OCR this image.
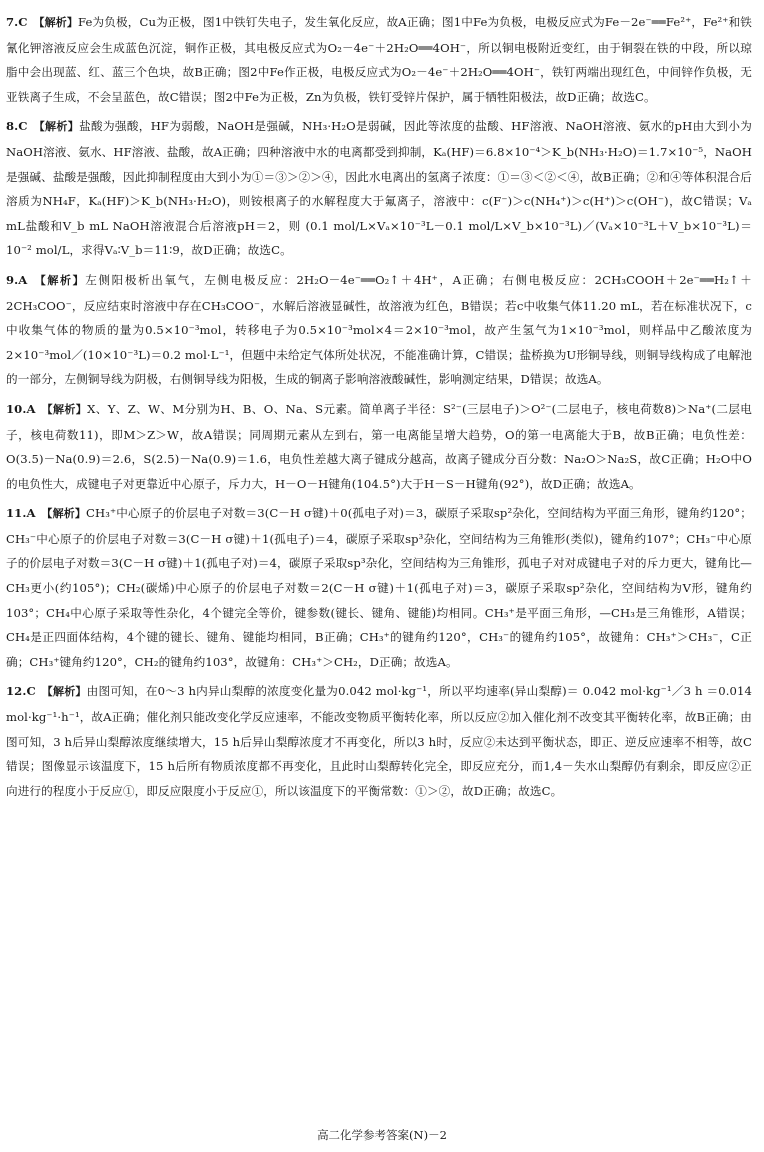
7.C 【解析】Fe为负极，Cu为正极，图1中铁钉失电子，发生氧化反应，故A正确；图1中Fe为负极，电极反应式为Fe－2e⁻══Fe²⁺，Fe²⁺和铁氰化钾溶液反应会生成蓝色沉淀，铜作正极，其电极反应式为O₂－4e⁻＋2H₂O══4OH⁻，所以铜电极附近变红，由于铜裂在铁的中段，所以琼脂中会出现蓝、红、蓝三个色块，故B正确；图2中Fe作正极，电极反应式为O₂－4e⁻＋2H₂O══4OH⁻，铁钉两端出现红色，中间锌作负极，无亚铁离子生成，不会呈蓝色，故C错误；图2中Fe为正极，Zn为负极，铁钉受锌片保护，属于牺牲阳极法，故D正确；故选C。

8.C 【解析】盐酸为强酸，HF为弱酸，NaOH是强碱，NH₃·H₂O是弱碱，因此等浓度的盐酸、HF溶液、NaOH溶液、氨水的pH由大到小为NaOH溶液、氨水、HF溶液、盐酸，故A正确；四种溶液中水的电离都受到抑制，Kₐ(HF)＝6.8×10⁻⁴＞K_b(NH₃·H₂O)＝1.7×10⁻⁵，NaOH是强碱、盐酸是强酸，因此抑制程度由大到小为①＝③＞②＞④，因此水电离出的氢离子浓度：①＝③＜②＜④，故B正确；②和④等体积混合后溶质为NH₄F，Kₐ(HF)＞K_b(NH₃·H₂O)，则铵根离子的水解程度大于氟离子，溶液中：c(F⁻)＞c(NH₄⁺)＞c(H⁺)＞c(OH⁻)，故C错误；Vₐ mL盐酸和V_b mL NaOH溶液混合后溶液pH＝2，则 (0.1 mol/L×Vₐ×10⁻³L－0.1 mol/L×V_b×10⁻³L)／(Vₐ×10⁻³L＋V_b×10⁻³L)＝10⁻² mol/L，求得Vₐ∶V_b＝11∶9，故D正确；故选C。

9.A 【解析】左侧阳极析出氧气，左侧电极反应：2H₂O－4e⁻══O₂↑＋4H⁺，A正确；右侧电极反应：2CH₃COOH＋2e⁻══H₂↑＋2CH₃COO⁻，反应结束时溶液中存在CH₃COO⁻，水解后溶液显碱性，故溶液为红色，B错误；若c中收集气体11.20 mL，若在标准状况下，c中收集气体的物质的量为0.5×10⁻³mol，转移电子为0.5×10⁻³mol×4＝2×10⁻³mol，故产生氢气为1×10⁻³mol，则样品中乙酸浓度为 2×10⁻³mol／(10×10⁻³L)＝0.2 mol·L⁻¹，但题中未给定气体所处状况，不能准确计算，C错误；盐桥换为U形铜导线，则铜导线构成了电解池的一部分，左侧铜导线为阴极，右侧铜导线为阳极，生成的铜离子影响溶液酸碱性，影响测定结果，D错误；故选A。

10.A 【解析】X、Y、Z、W、M分别为H、B、O、Na、S元素。简单离子半径：S²⁻(三层电子)＞O²⁻(二层电子，核电荷数8)＞Na⁺(二层电子，核电荷数11)，即M＞Z＞W，故A错误；同周期元素从左到右，第一电离能呈增大趋势，O的第一电离能大于B，故B正确；电负性差：O(3.5)－Na(0.9)＝2.6，S(2.5)－Na(0.9)＝1.6，电负性差越大离子键成分越高，故离子键成分百分数：Na₂O＞Na₂S，故C正确；H₂O中O的电负性大，成键电子对更靠近中心原子，斥力大，H－O－H键角(104.5°)大于H－S－H键角(92°)，故D正确；故选A。

11.A 【解析】CH₃⁺中心原子的价层电子对数＝3(C－H σ键)＋0(孤电子对)＝3，碳原子采取sp²杂化，空间结构为平面三角形，键角约120°；CH₃⁻中心原子的价层电子对数＝3(C－H σ键)＋1(孤电子)＝4，碳原子采取sp³杂化，空间结构为三角锥形(类似)，键角约107°；CH₃⁻中心原子的价层电子对数＝3(C－H σ键)＋1(孤电子对)＝4，碳原子采取sp³杂化，空间结构为三角锥形，孤电子对对成键电子对的斥力更大，键角比—CH₃更小(约105°)；CH₂(碳烯)中心原子的价层电子对数＝2(C－H σ键)＋1(孤电子对)＝3，碳原子采取sp²杂化，空间结构为V形，键角约103°；CH₄中心原子采取等性杂化，4个键完全等价，键参数(键长、键角、键能)均相同。CH₃⁺是平面三角形，—CH₃是三角锥形，A错误；CH₄是正四面体结构，4个键的键长、键角、键能均相同，B正确；CH₃⁺的键角约120°，CH₃⁻的键角约105°，故键角：CH₃⁺＞CH₃⁻，C正确；CH₃⁺键角约120°，CH₂的键角约103°，故键角：CH₃⁺＞CH₂，D正确；故选A。

12.C 【解析】由图可知，在0～3 h内异山梨醇的浓度变化量为0.042 mol·kg⁻¹，所以平均速率(异山梨醇)＝ 0.042 mol·kg⁻¹／3 h ＝0.014 mol·kg⁻¹·h⁻¹，故A正确；催化剂只能改变化学反应速率，不能改变物质平衡转化率，所以反应②加入催化剂不改变其平衡转化率，故B正确；由图可知，3 h后异山梨醇浓度继续增大，15 h后异山梨醇浓度才不再变化，所以3 h时，反应②未达到平衡状态，即正、逆反应速率不相等，故C错误；图像显示该温度下，15 h后所有物质浓度都不再变化，且此时山梨醇转化完全，即反应充分，而1,4－失水山梨醇仍有剩余，即反应②正向进行的程度小于反应①，即反应限度小于反应①，所以该温度下的平衡常数：①＞②，故D正确；故选C。

高二化学参考答案(N)－2
